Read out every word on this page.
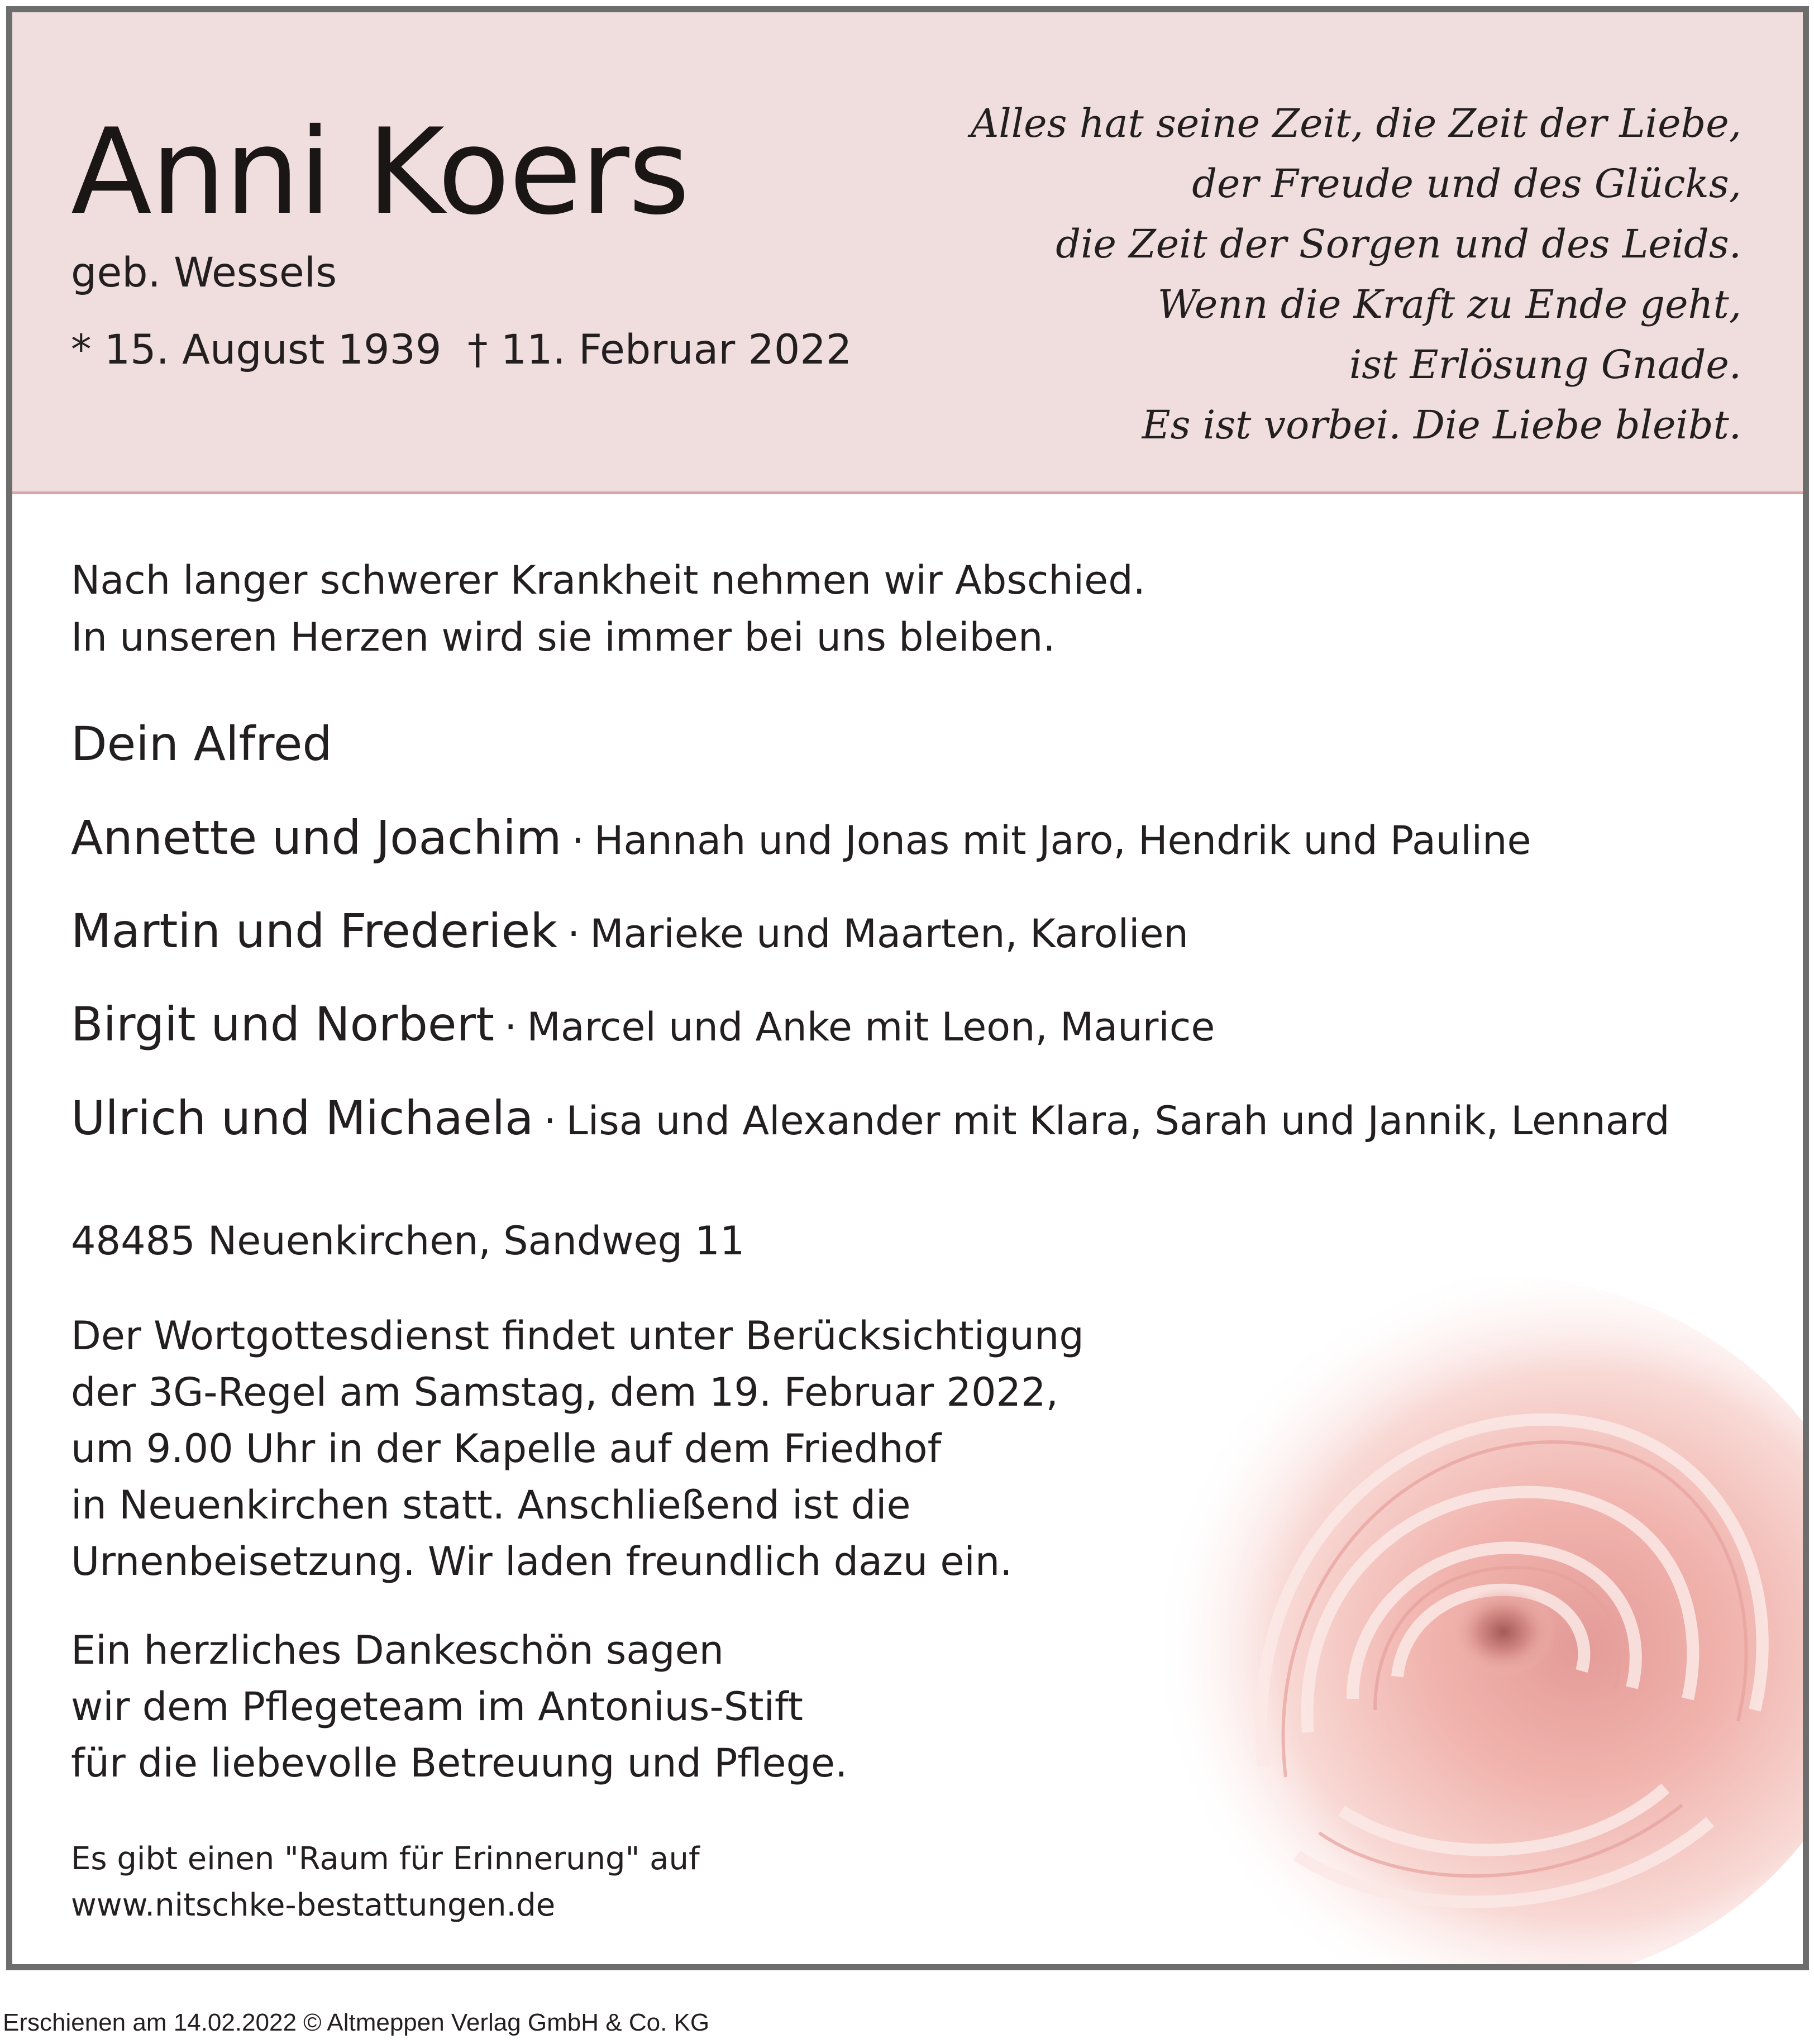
Anni Koers
geb. Wessels
* 15. August 1939 † 11. Februar 2022
Alles hat seine Zeit, die Zeit der Liebe,
der Freude und des Glücks,
die Zeit der Sorgen und des Leids.
Wenn die Kraft zu Ende geht,
ist Erlösung Gnade.
Es ist vorbei. Die Liebe bleibt.
Nach langer schwerer Krankheit nehmen wir Abschied.
In unseren Herzen wird sie immer bei uns bleiben.
Dein Alfred
Annette und Joachim · Hannah und Jonas mit Jaro, Hendrik und Pauline
Martin und Frederiek · Marieke und Maarten, Karolien
Birgit und Norbert · Marcel und Anke mit Leon, Maurice
Ulrich und Michaela · Lisa und Alexander mit Klara, Sarah und Jannik, Lennard
48485 Neuenkirchen, Sandweg 11
Der Wortgottesdienst findet unter Berücksichtigung
der 3G-Regel am Samstag, dem 19. Februar 2022,
um 9.00 Uhr in der Kapelle auf dem Friedhof
in Neuenkirchen statt. Anschließend ist die
Urnenbeisetzung. Wir laden freundlich dazu ein.
Ein herzliches Dankeschön sagen
wir dem Pflegeteam im Antonius-Stift
für die liebevolle Betreuung und Pflege.
Es gibt einen "Raum für Erinnerung" auf
www.nitschke-bestattungen.de
Erschienen am 14.02.2022 © Altmeppen Verlag GmbH & Co. KG
